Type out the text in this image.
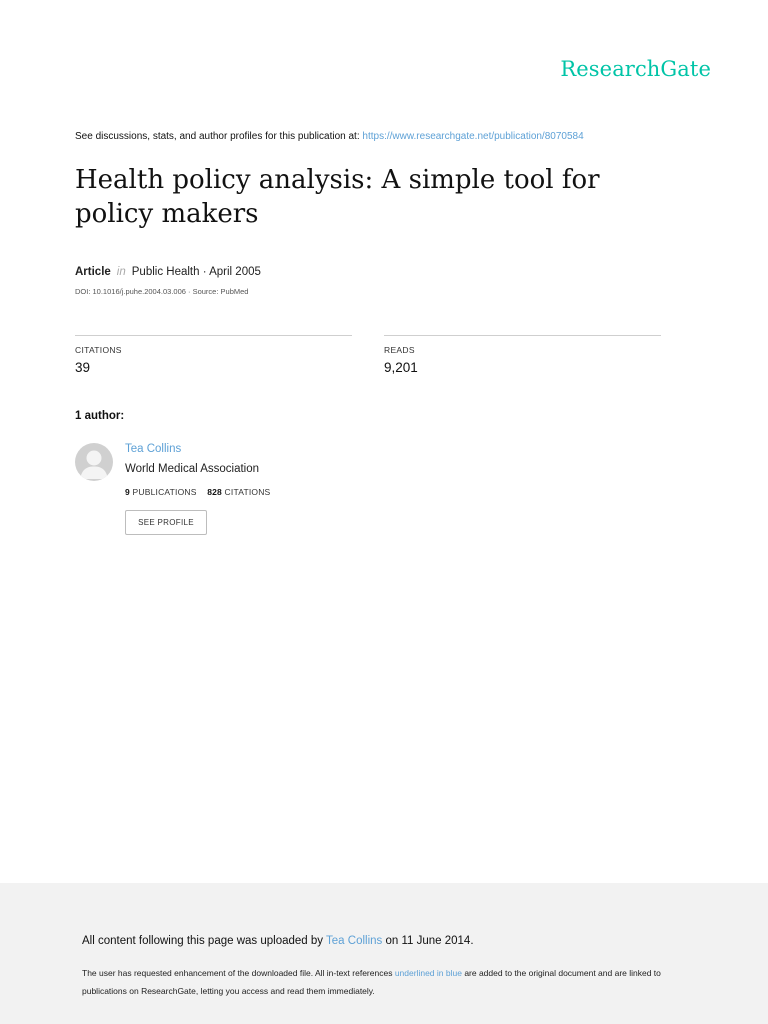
ResearchGate
See discussions, stats, and author profiles for this publication at: https://www.researchgate.net/publication/8070584
Health policy analysis: A simple tool for policy makers
Article in Public Health · April 2005
DOI: 10.1016/j.puhe.2004.03.006 · Source: PubMed
CITATIONS
39
READS
9,201
1 author:
Tea Collins
World Medical Association
9 PUBLICATIONS 828 CITATIONS
SEE PROFILE
All content following this page was uploaded by Tea Collins on 11 June 2014.
The user has requested enhancement of the downloaded file. All in-text references underlined in blue are added to the original document and are linked to publications on ResearchGate, letting you access and read them immediately.
